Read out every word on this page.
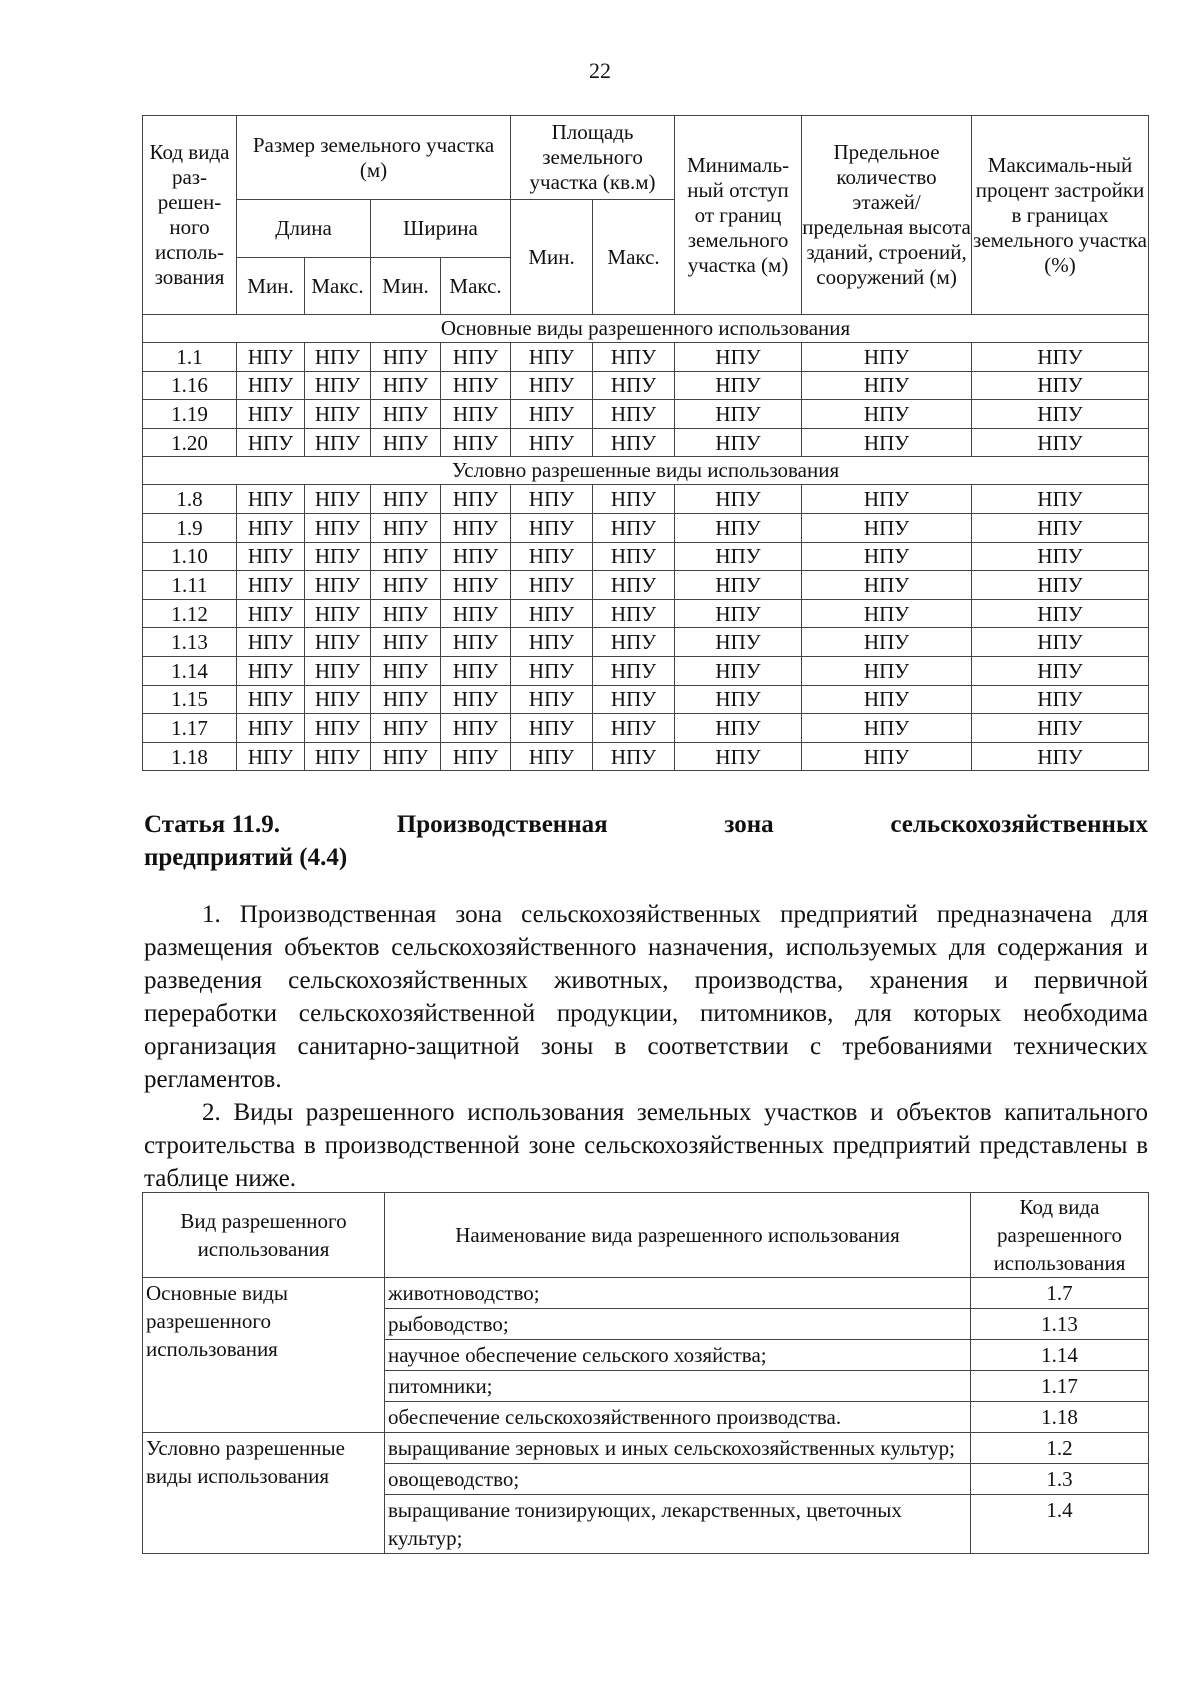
22
Код вида раз-решен-ного исполь-зования	Размер земельного участка (м)				Площадь земельного участка (кв.м)		Минималь-ный отступ от границ земельного участка (м)	Предельное количество этажей/ предельная высота зданий, строений, сооружений (м)	Максималь-ный процент застройки в границах земельного участка (%)
	Длина		Ширина		Мин.	Макс.			
	Мин.	Макс.	Мин.	Макс.					
Основные виды разрешенного использования									
1.1	НПУ	НПУ	НПУ	НПУ	НПУ	НПУ	НПУ	НПУ	НПУ
1.16	НПУ	НПУ	НПУ	НПУ	НПУ	НПУ	НПУ	НПУ	НПУ
1.19	НПУ	НПУ	НПУ	НПУ	НПУ	НПУ	НПУ	НПУ	НПУ
1.20	НПУ	НПУ	НПУ	НПУ	НПУ	НПУ	НПУ	НПУ	НПУ
Условно разрешенные виды использования									
1.8	НПУ	НПУ	НПУ	НПУ	НПУ	НПУ	НПУ	НПУ	НПУ
1.9	НПУ	НПУ	НПУ	НПУ	НПУ	НПУ	НПУ	НПУ	НПУ
1.10	НПУ	НПУ	НПУ	НПУ	НПУ	НПУ	НПУ	НПУ	НПУ
1.11	НПУ	НПУ	НПУ	НПУ	НПУ	НПУ	НПУ	НПУ	НПУ
1.12	НПУ	НПУ	НПУ	НПУ	НПУ	НПУ	НПУ	НПУ	НПУ
1.13	НПУ	НПУ	НПУ	НПУ	НПУ	НПУ	НПУ	НПУ	НПУ
1.14	НПУ	НПУ	НПУ	НПУ	НПУ	НПУ	НПУ	НПУ	НПУ
1.15	НПУ	НПУ	НПУ	НПУ	НПУ	НПУ	НПУ	НПУ	НПУ
1.17	НПУ	НПУ	НПУ	НПУ	НПУ	НПУ	НПУ	НПУ	НПУ
1.18	НПУ	НПУ	НПУ	НПУ	НПУ	НПУ	НПУ	НПУ	НПУ
Статья 11.9.	Производственная	зона	сельскохозяйственных
предприятий (4.4)
1. Производственная зона сельскохозяйственных предприятий предназначена для размещения объектов сельскохозяйственного назначения, используемых для содержания и разведения сельскохозяйственных животных, производства, хранения и первичной переработки сельскохозяйственной продукции, питомников, для которых необходима организация санитарно-защитной зоны в соответствии с требованиями технических регламентов.
2. Виды разрешенного использования земельных участков и объектов капитального строительства в производственной зоне сельскохозяйственных предприятий представлены в таблице ниже.
Вид разрешенного использования	Наименование вида разрешенного использования	Код вида разрешенного использования
Основные виды разрешенного использования	животноводство;	1.7
	рыбоводство;	1.13
	научное обеспечение сельского хозяйства;	1.14
	питомники;	1.17
	обеспечение сельскохозяйственного производства.	1.18
Условно разрешенные виды использования	выращивание зерновых и иных сельскохозяйственных культур;	1.2
	овощеводство;	1.3
	выращивание тонизирующих, лекарственных, цветочных культур;	1.4
